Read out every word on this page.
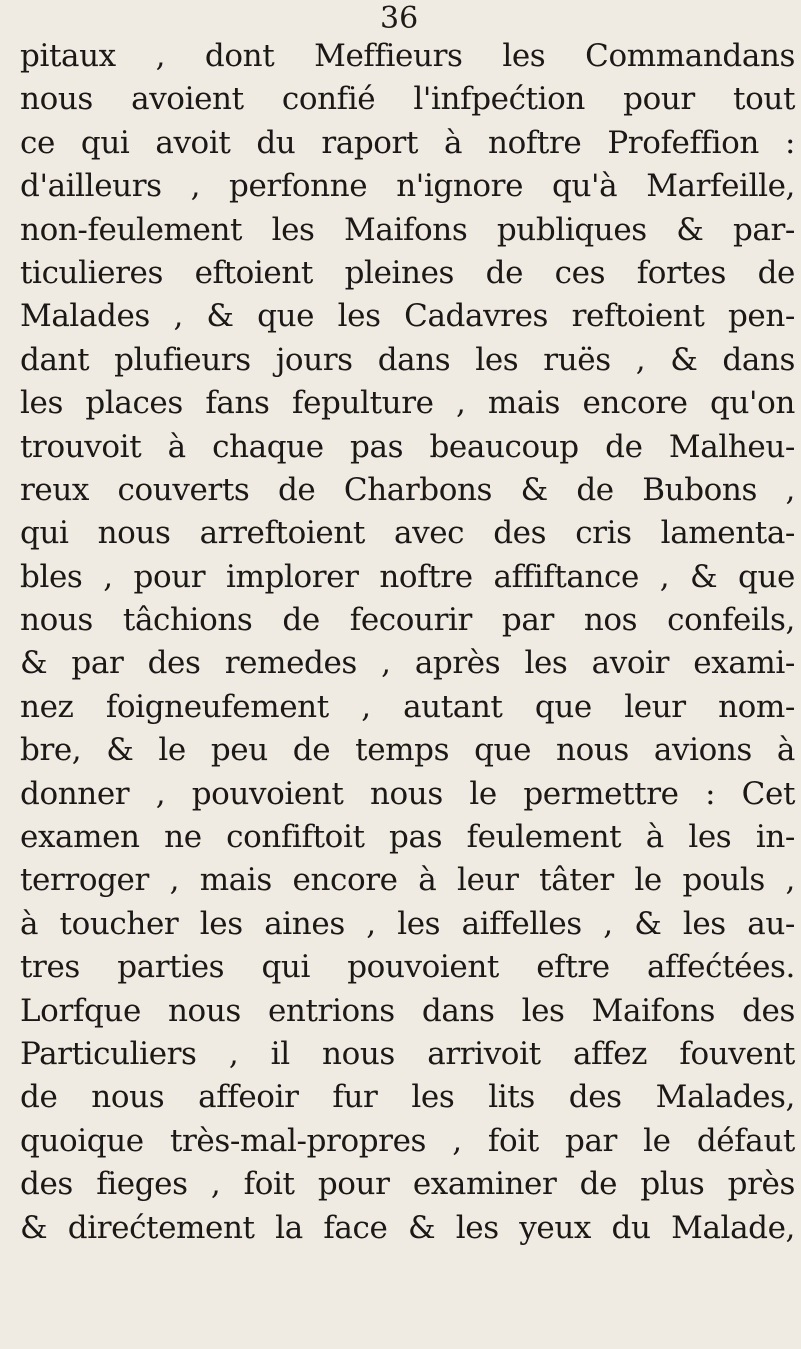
36
pitaux , dont Meffieurs les Commandans
nous avoient confié l'infpećtion pour tout
ce qui avoit du raport à noftre Profeffion :
d'ailleurs , perfonne n'ignore qu'à Marfeille,
non-feulement les Maifons publiques & par-
ticulieres eftoient pleines de ces fortes de
Malades , & que les Cadavres reftoient pen-
dant plufieurs jours dans les ruës , & dans
les places fans fepulture , mais encore qu'on
trouvoit à chaque pas beaucoup de Malheu-
reux couverts de Charbons & de Bubons ,
qui nous arreftoient avec des cris lamenta-
bles , pour implorer noftre affiftance , & que
nous tâchions de fecourir par nos confeils,
& par des remedes , après les avoir exami-
nez foigneufement , autant que leur nom-
bre, & le peu de temps que nous avions à
donner , pouvoient nous le permettre : Cet
examen ne confiftoit pas feulement à les in-
terroger , mais encore à leur tâter le pouls ,
à toucher les aines , les aiffelles , & les au-
tres parties qui pouvoient eftre affećtées.
Lorfque nous entrions dans les Maifons des
Particuliers , il nous arrivoit affez fouvent
de nous affeoir fur les lits des Malades,
quoique très-mal-propres , foit par le défaut
des fieges , foit pour examiner de plus près
& direćtement la face & les yeux du Malade,
